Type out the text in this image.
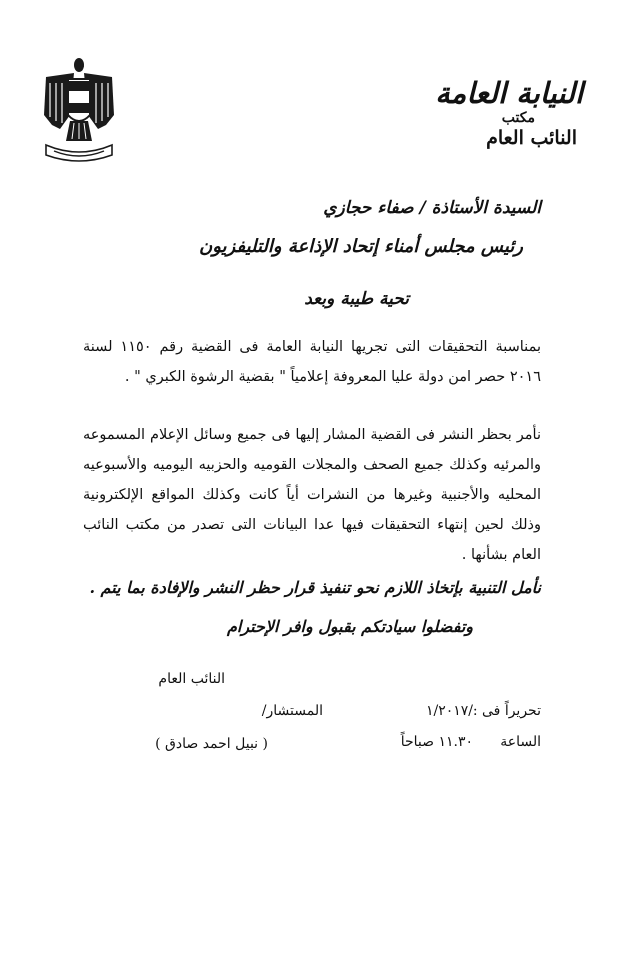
النيابة العامة
مكتب
النائب العام
السيدة الأستاذة / صفاء حجازي
رئيس مجلس أمناء إتحاد الإذاعة والتليفزيون
تحية طيبة وبعد
بمناسبة التحقيقات التى تجريها النيابة العامة فى القضية رقم ١١٥٠ لسنة ٢٠١٦ حصر امن دولة عليا المعروفة إعلامياً " بقضية الرشوة الكبري " .
نأمر بحظر النشر فى القضية المشار إليها فى جميع وسائل الإعلام المسموعه والمرئيه وكذلك جميع الصحف والمجلات القوميه والحزبيه اليوميه والأسبوعيه المحليه والأجنبية وغيرها من النشرات أياً كانت وكذلك المواقع الإلكترونية وذلك لحين إنتهاء التحقيقات فيها عدا البيانات التى تصدر من مكتب النائب العام بشأنها .
نأمل التنبية بإتخاذ اللازم نحو تنفيذ قرار حظر النشر والإفادة بما يتم .
وتفضلوا سيادتكم بقبول وافر الإحترام
النائب العام
المستشار/
( نبيل احمد صادق )
تحريراً فى :
/١/٢٠١٧
الساعة
١١.٣٠ صباحاً
